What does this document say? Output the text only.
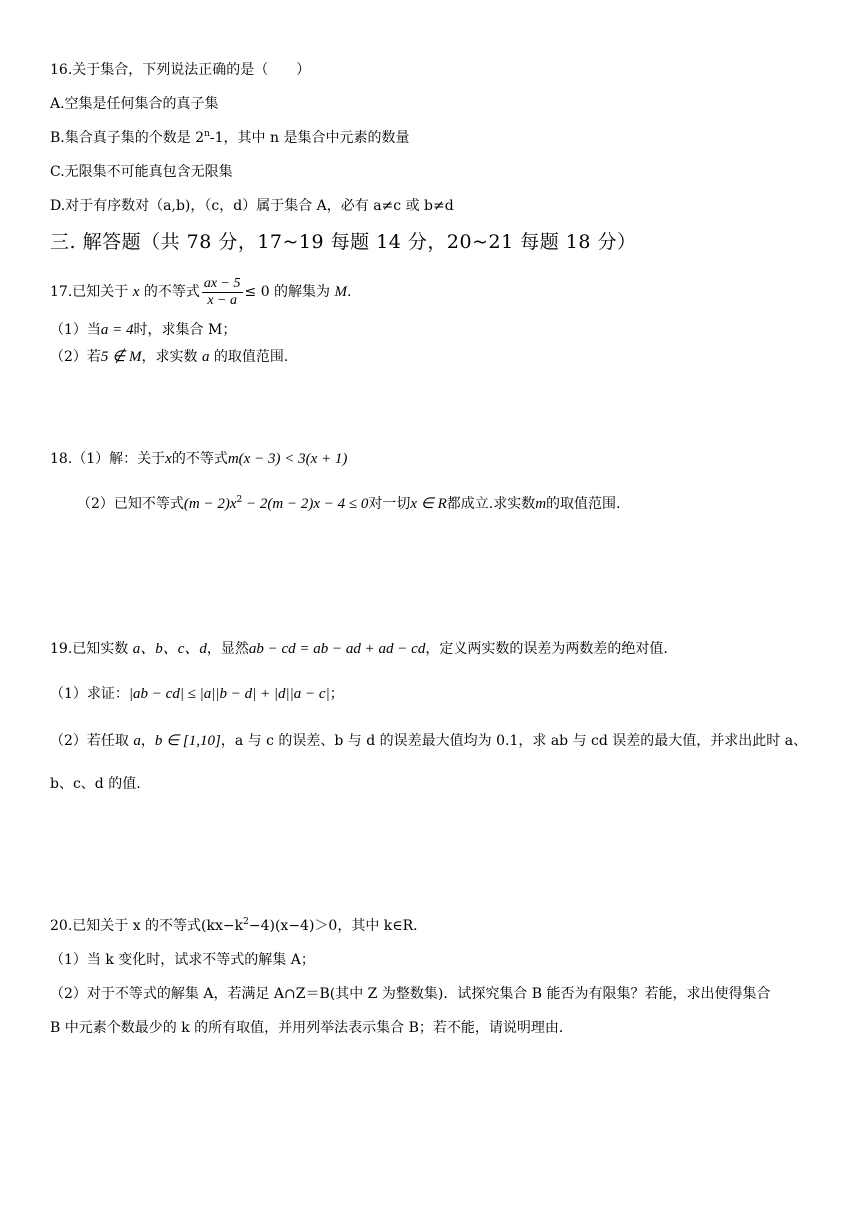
16.关于集合，下列说法正确的是（　　）
A.空集是任何集合的真子集
B.集合真子集的个数是 2$^n$-1，其中 n 是集合中元素的数量
C.无限集不可能真包含无限集
D.对于有序数对（a,b)，（c，d）属于集合 A，必有 a≠c 或 b≠d
三. 解答题（共 78 分，17~19 每题 14 分，20~21 每题 18 分）
17.已知关于 x 的不等式 $\frac{ax - 5}{x - a} \le 0$ 的解集为 M.
（1）当a = 4时，求集合 M；
（2）若5 ∉ M，求实数 a 的取值范围.
18.（1）解：关于x的不等式m(x − 3) < 3(x + 1)
（2）已知不等式$(m - 2)x^2 - 2(m - 2)x - 4 \le 0$对一切x ∈ R都成立.求实数m的取值范围.
19.已知实数 a、b、c、d，显然ab − cd = ab − ad + ad − cd，定义两实数的误差为两数差的绝对值.
（1）求证：|ab − cd| ≤ |a||b − d| + |d||a − c|；
（2）若任取 a，b ∈ [1,10]，a 与 c 的误差、b 与 d 的误差最大值均为 0.1，求 ab 与 cd 误差的最大值，并求出此时 a、
b、c、d 的值.
20.已知关于 x 的不等式$(kx-k^2-4)(x-4)>0$，其中 k∈R.
（1）当 k 变化时，试求不等式的解集 A；
（2）对于不等式的解集 A，若满足 A∩Z＝B(其中 Z 为整数集)．试探究集合 B 能否为有限集？若能，求出使得集合
B 中元素个数最少的 k 的所有取值，并用列举法表示集合 B；若不能，请说明理由．
